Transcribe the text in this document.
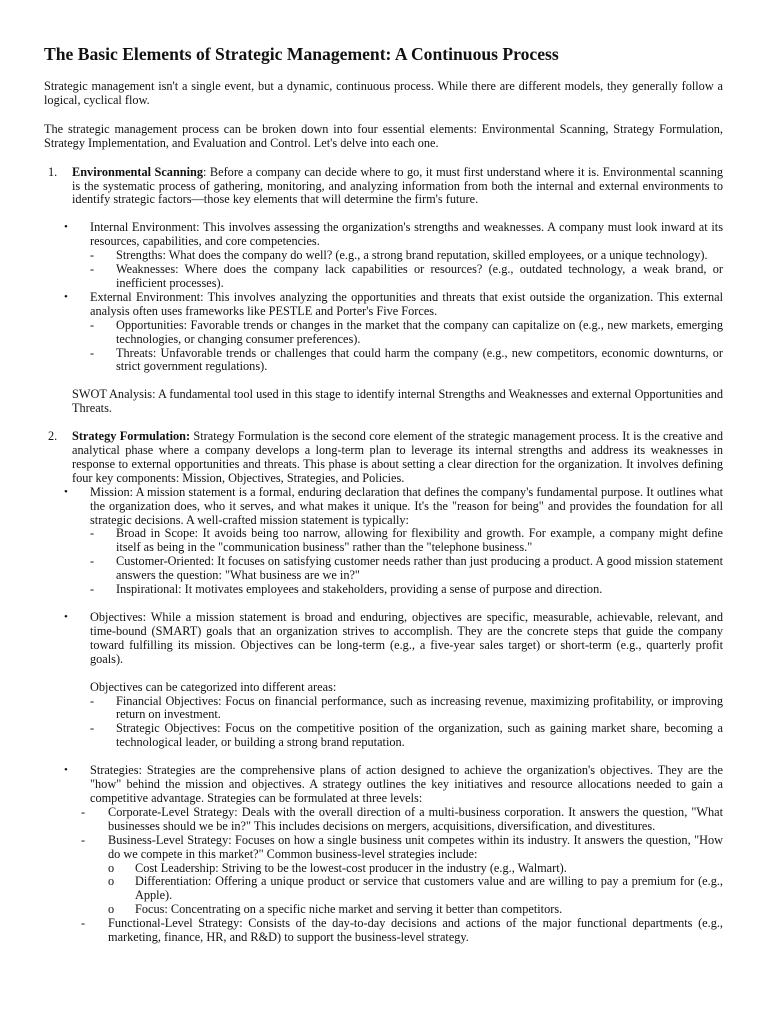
The Basic Elements of Strategic Management: A Continuous Process

Strategic management isn't a single event, but a dynamic, continuous process. While there are different models, they generally follow a logical, cyclical flow.

The strategic management process can be broken down into four essential elements: Environmental Scanning, Strategy Formulation, Strategy Implementation, and Evaluation and Control. Let's delve into each one.

1.	Environmental Scanning: Before a company can decide where to go, it must first understand where it is. Environmental scanning is the systematic process of gathering, monitoring, and analyzing information from both the internal and external environments to identify strategic factors—those key elements that will determine the firm's future.
•	Internal Environment: This involves assessing the organization's strengths and weaknesses. A company must look inward at its resources, capabilities, and core competencies.
-	Strengths: What does the company do well? (e.g., a strong brand reputation, skilled employees, or a unique technology).
-	Weaknesses: Where does the company lack capabilities or resources? (e.g., outdated technology, a weak brand, or inefficient processes).
•	External Environment: This involves analyzing the opportunities and threats that exist outside the organization. This external analysis often uses frameworks like PESTLE and Porter's Five Forces.
-	Opportunities: Favorable trends or changes in the market that the company can capitalize on (e.g., new markets, emerging technologies, or changing consumer preferences).
-	Threats: Unfavorable trends or challenges that could harm the company (e.g., new competitors, economic downturns, or strict government regulations).

SWOT Analysis: A fundamental tool used in this stage to identify internal Strengths and Weaknesses and external Opportunities and Threats.

2.	Strategy Formulation: Strategy Formulation is the second core element of the strategic management process. It is the creative and analytical phase where a company develops a long-term plan to leverage its internal strengths and address its weaknesses in response to external opportunities and threats. This phase is about setting a clear direction for the organization. It involves defining four key components: Mission, Objectives, Strategies, and Policies.
•	Mission: A mission statement is a formal, enduring declaration that defines the company's fundamental purpose. It outlines what the organization does, who it serves, and what makes it unique. It's the "reason for being" and provides the foundation for all strategic decisions. A well-crafted mission statement is typically:
-	Broad in Scope: It avoids being too narrow, allowing for flexibility and growth. For example, a company might define itself as being in the "communication business" rather than the "telephone business."
-	Customer-Oriented: It focuses on satisfying customer needs rather than just producing a product. A good mission statement answers the question: "What business are we in?"
-	Inspirational: It motivates employees and stakeholders, providing a sense of purpose and direction.
•	Objectives: While a mission statement is broad and enduring, objectives are specific, measurable, achievable, relevant, and time-bound (SMART) goals that an organization strives to accomplish. They are the concrete steps that guide the company toward fulfilling its mission. Objectives can be long-term (e.g., a five-year sales target) or short-term (e.g., quarterly profit goals).

Objectives can be categorized into different areas:

-	Financial Objectives: Focus on financial performance, such as increasing revenue, maximizing profitability, or improving return on investment.
-	Strategic Objectives: Focus on the competitive position of the organization, such as gaining market share, becoming a technological leader, or building a strong brand reputation.
•	Strategies: Strategies are the comprehensive plans of action designed to achieve the organization's objectives. They are the "how" behind the mission and objectives. A strategy outlines the key initiatives and resource allocations needed to gain a competitive advantage. Strategies can be formulated at three levels:
-	Corporate-Level Strategy: Deals with the overall direction of a multi-business corporation. It answers the question, "What businesses should we be in?" This includes decisions on mergers, acquisitions, diversification, and divestitures.
-	Business-Level Strategy: Focuses on how a single business unit competes within its industry. It answers the question, "How do we compete in this market?" Common business-level strategies include:
o	Cost Leadership: Striving to be the lowest-cost producer in the industry (e.g., Walmart).
o	Differentiation: Offering a unique product or service that customers value and are willing to pay a premium for (e.g., Apple).
o	Focus: Concentrating on a specific niche market and serving it better than competitors.
-	Functional-Level Strategy: Consists of the day-to-day decisions and actions of the major functional departments (e.g., marketing, finance, HR, and R&D) to support the business-level strategy.
